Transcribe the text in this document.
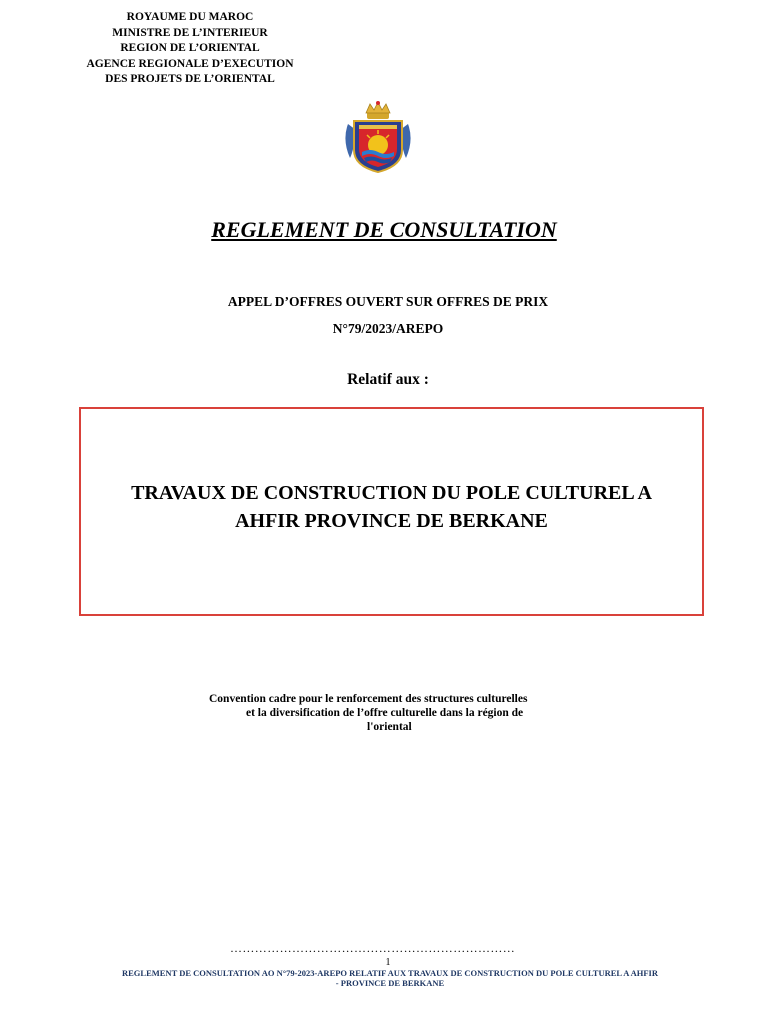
ROYAUME DU MAROC
MINISTRE DE L’INTERIEUR
REGION DE L’ORIENTAL
AGENCE REGIONALE D’EXECUTION
DES PROJETS DE L’ORIENTAL
REGLEMENT DE CONSULTATION
APPEL D’OFFRES OUVERT SUR OFFRES DE PRIX
N°79/2023/AREPO
Relatif aux :
TRAVAUX DE CONSTRUCTION DU POLE CULTUREL A
AHFIR PROVINCE DE BERKANE
Convention cadre pour le renforcement des structures culturelles
et la diversification de l’offre culturelle dans la région de
l'oriental
……………………………………………………………
1
REGLEMENT DE CONSULTATION AO N°79-2023-AREPO RELATIF AUX TRAVAUX DE CONSTRUCTION DU POLE CULTUREL A AHFIR
- PROVINCE DE BERKANE
